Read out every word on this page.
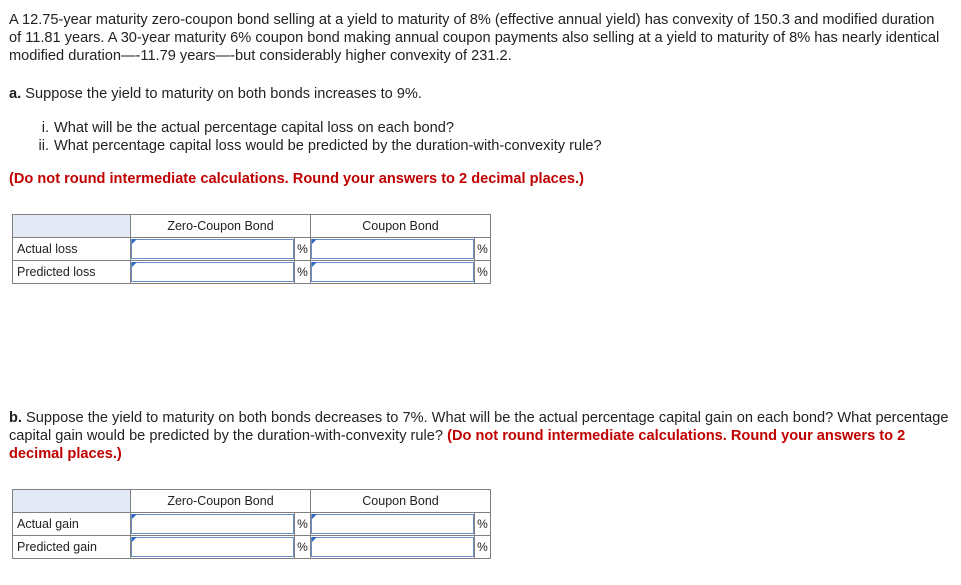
A 12.75-year maturity zero-coupon bond selling at a yield to maturity of 8% (effective annual yield) has convexity of 150.3 and modified duration of 11.81 years. A 30-year maturity 6% coupon bond making annual coupon payments also selling at a yield to maturity of 8% has nearly identical modified duration—-11.79 years—-but considerably higher convexity of 231.2.

a. Suppose the yield to maturity on both bonds increases to 9%.

i. What will be the actual percentage capital loss on each bond?
ii. What percentage capital loss would be predicted by the duration-with-convexity rule?

(Do not round intermediate calculations. Round your answers to 2 decimal places.)

	Zero-Coupon Bond		Coupon Bond	
Actual loss		%		%
Predicted loss		%		%

b. Suppose the yield to maturity on both bonds decreases to 7%. What will be the actual percentage capital gain on each bond? What percentage capital gain would be predicted by the duration-with-convexity rule? (Do not round intermediate calculations. Round your answers to 2 decimal places.)

	Zero-Coupon Bond		Coupon Bond	
Actual gain		%		%
Predicted gain		%		%
